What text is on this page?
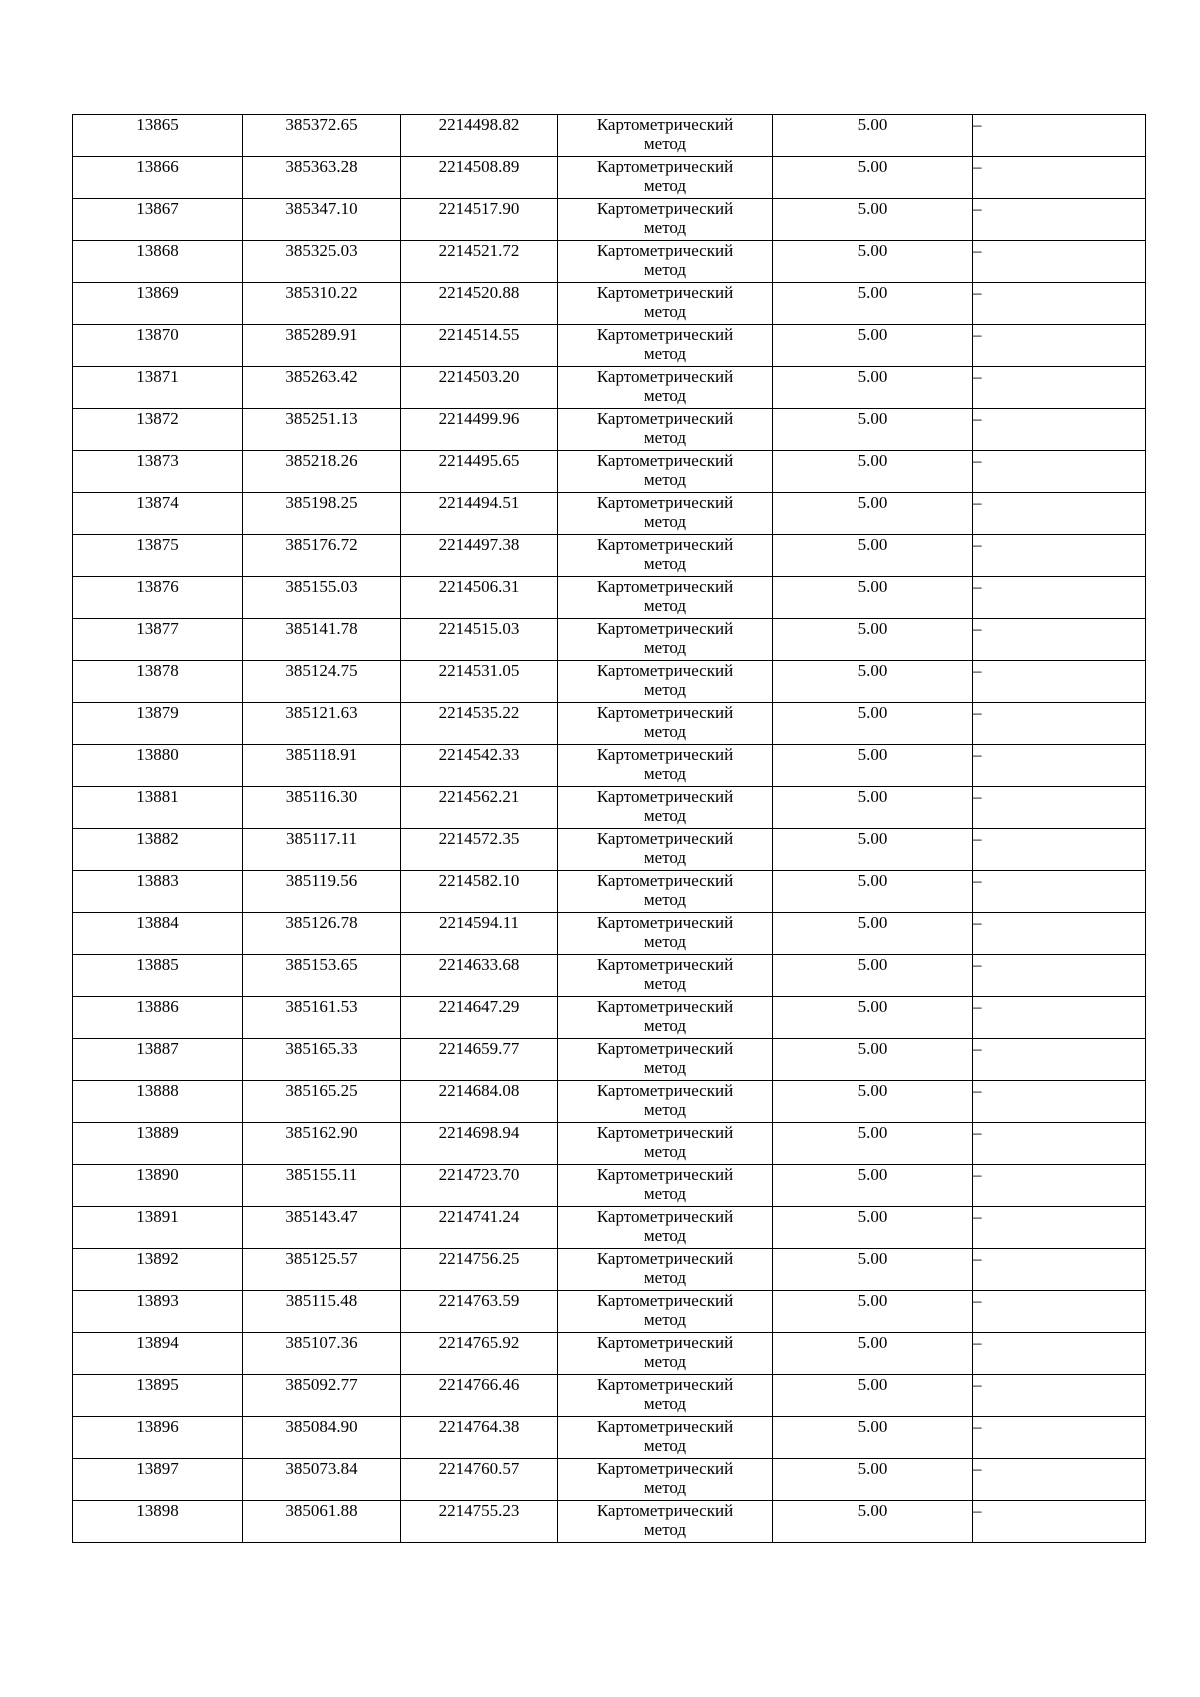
13865	385372.65	2214498.82	Картометрический метод	5.00	–
13866	385363.28	2214508.89	Картометрический метод	5.00	–
13867	385347.10	2214517.90	Картометрический метод	5.00	–
13868	385325.03	2214521.72	Картометрический метод	5.00	–
13869	385310.22	2214520.88	Картометрический метод	5.00	–
13870	385289.91	2214514.55	Картометрический метод	5.00	–
13871	385263.42	2214503.20	Картометрический метод	5.00	–
13872	385251.13	2214499.96	Картометрический метод	5.00	–
13873	385218.26	2214495.65	Картометрический метод	5.00	–
13874	385198.25	2214494.51	Картометрический метод	5.00	–
13875	385176.72	2214497.38	Картометрический метод	5.00	–
13876	385155.03	2214506.31	Картометрический метод	5.00	–
13877	385141.78	2214515.03	Картометрический метод	5.00	–
13878	385124.75	2214531.05	Картометрический метод	5.00	–
13879	385121.63	2214535.22	Картометрический метод	5.00	–
13880	385118.91	2214542.33	Картометрический метод	5.00	–
13881	385116.30	2214562.21	Картометрический метод	5.00	–
13882	385117.11	2214572.35	Картометрический метод	5.00	–
13883	385119.56	2214582.10	Картометрический метод	5.00	–
13884	385126.78	2214594.11	Картометрический метод	5.00	–
13885	385153.65	2214633.68	Картометрический метод	5.00	–
13886	385161.53	2214647.29	Картометрический метод	5.00	–
13887	385165.33	2214659.77	Картометрический метод	5.00	–
13888	385165.25	2214684.08	Картометрический метод	5.00	–
13889	385162.90	2214698.94	Картометрический метод	5.00	–
13890	385155.11	2214723.70	Картометрический метод	5.00	–
13891	385143.47	2214741.24	Картометрический метод	5.00	–
13892	385125.57	2214756.25	Картометрический метод	5.00	–
13893	385115.48	2214763.59	Картометрический метод	5.00	–
13894	385107.36	2214765.92	Картометрический метод	5.00	–
13895	385092.77	2214766.46	Картометрический метод	5.00	–
13896	385084.90	2214764.38	Картометрический метод	5.00	–
13897	385073.84	2214760.57	Картометрический метод	5.00	–
13898	385061.88	2214755.23	Картометрический метод	5.00	–
